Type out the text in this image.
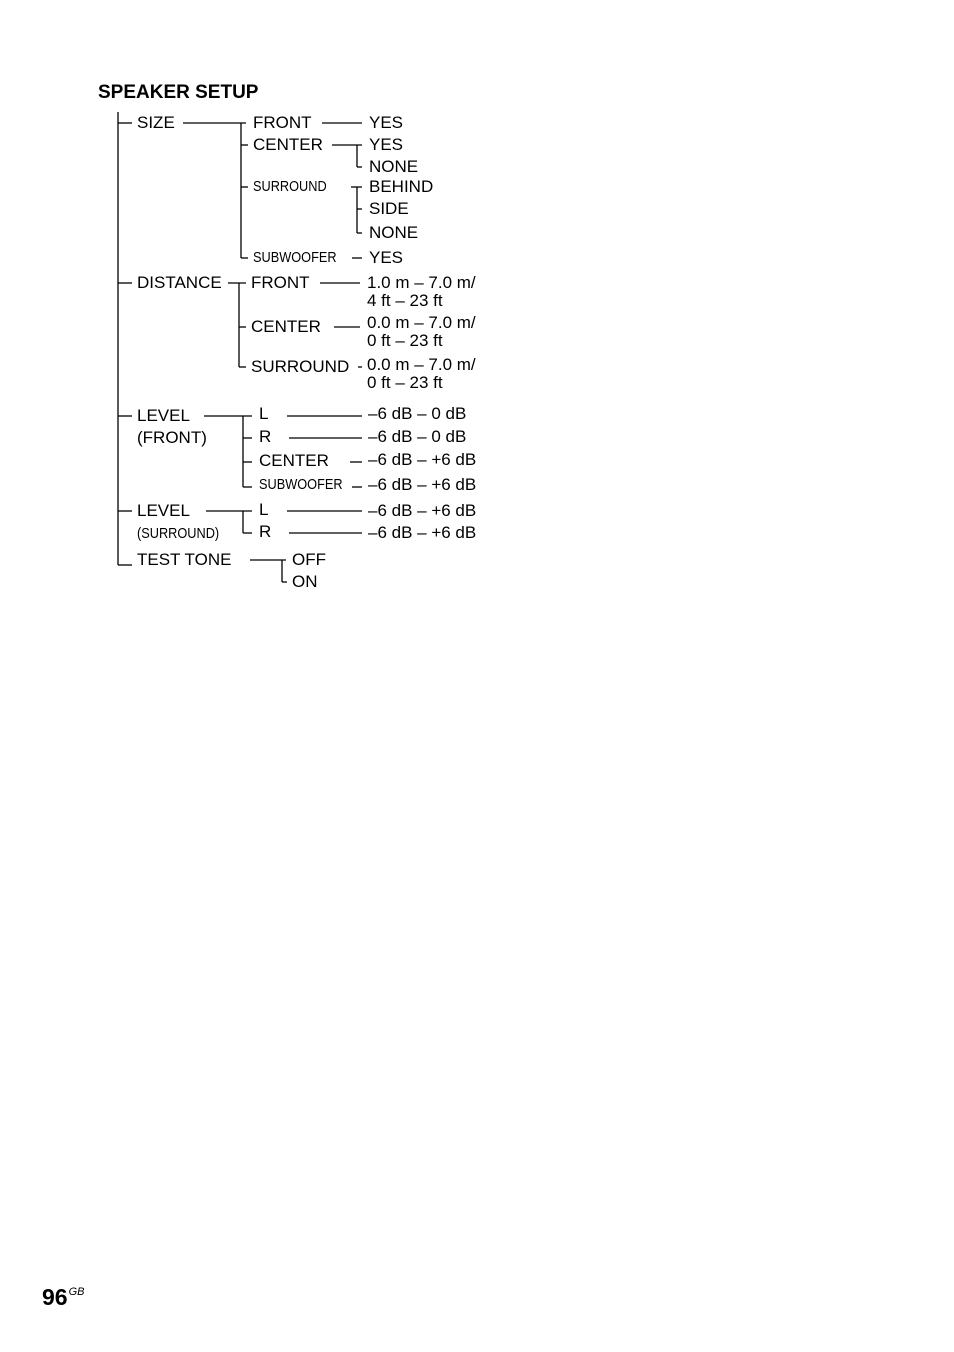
SPEAKER SETUP
SIZE	FRONT	YES
CENTER	YES
NONE
SURROUND BEHIND
SIDE
NONE
SUBWOOFER YES
DISTANCE FRONT	1.0 m – 7.0 m/
4 ft – 23 ft
CENTER	0.0 m – 7.0 m/
0 ft – 23 ft
SURROUND 0.0 m – 7.0 m/
0 ft – 23 ft
LEVEL
(FRONT)
L	–6 dB – 0 dB
R	–6 dB – 0 dB
CENTER –6 dB – +6 dB
SUBWOOFER –6 dB – +6 dB
LEVEL
(SURROUND)
L	–6 dB – +6 dB
R	–6 dB – +6 dB
TEST TONE	OFF
ON
$96^{GB}$
